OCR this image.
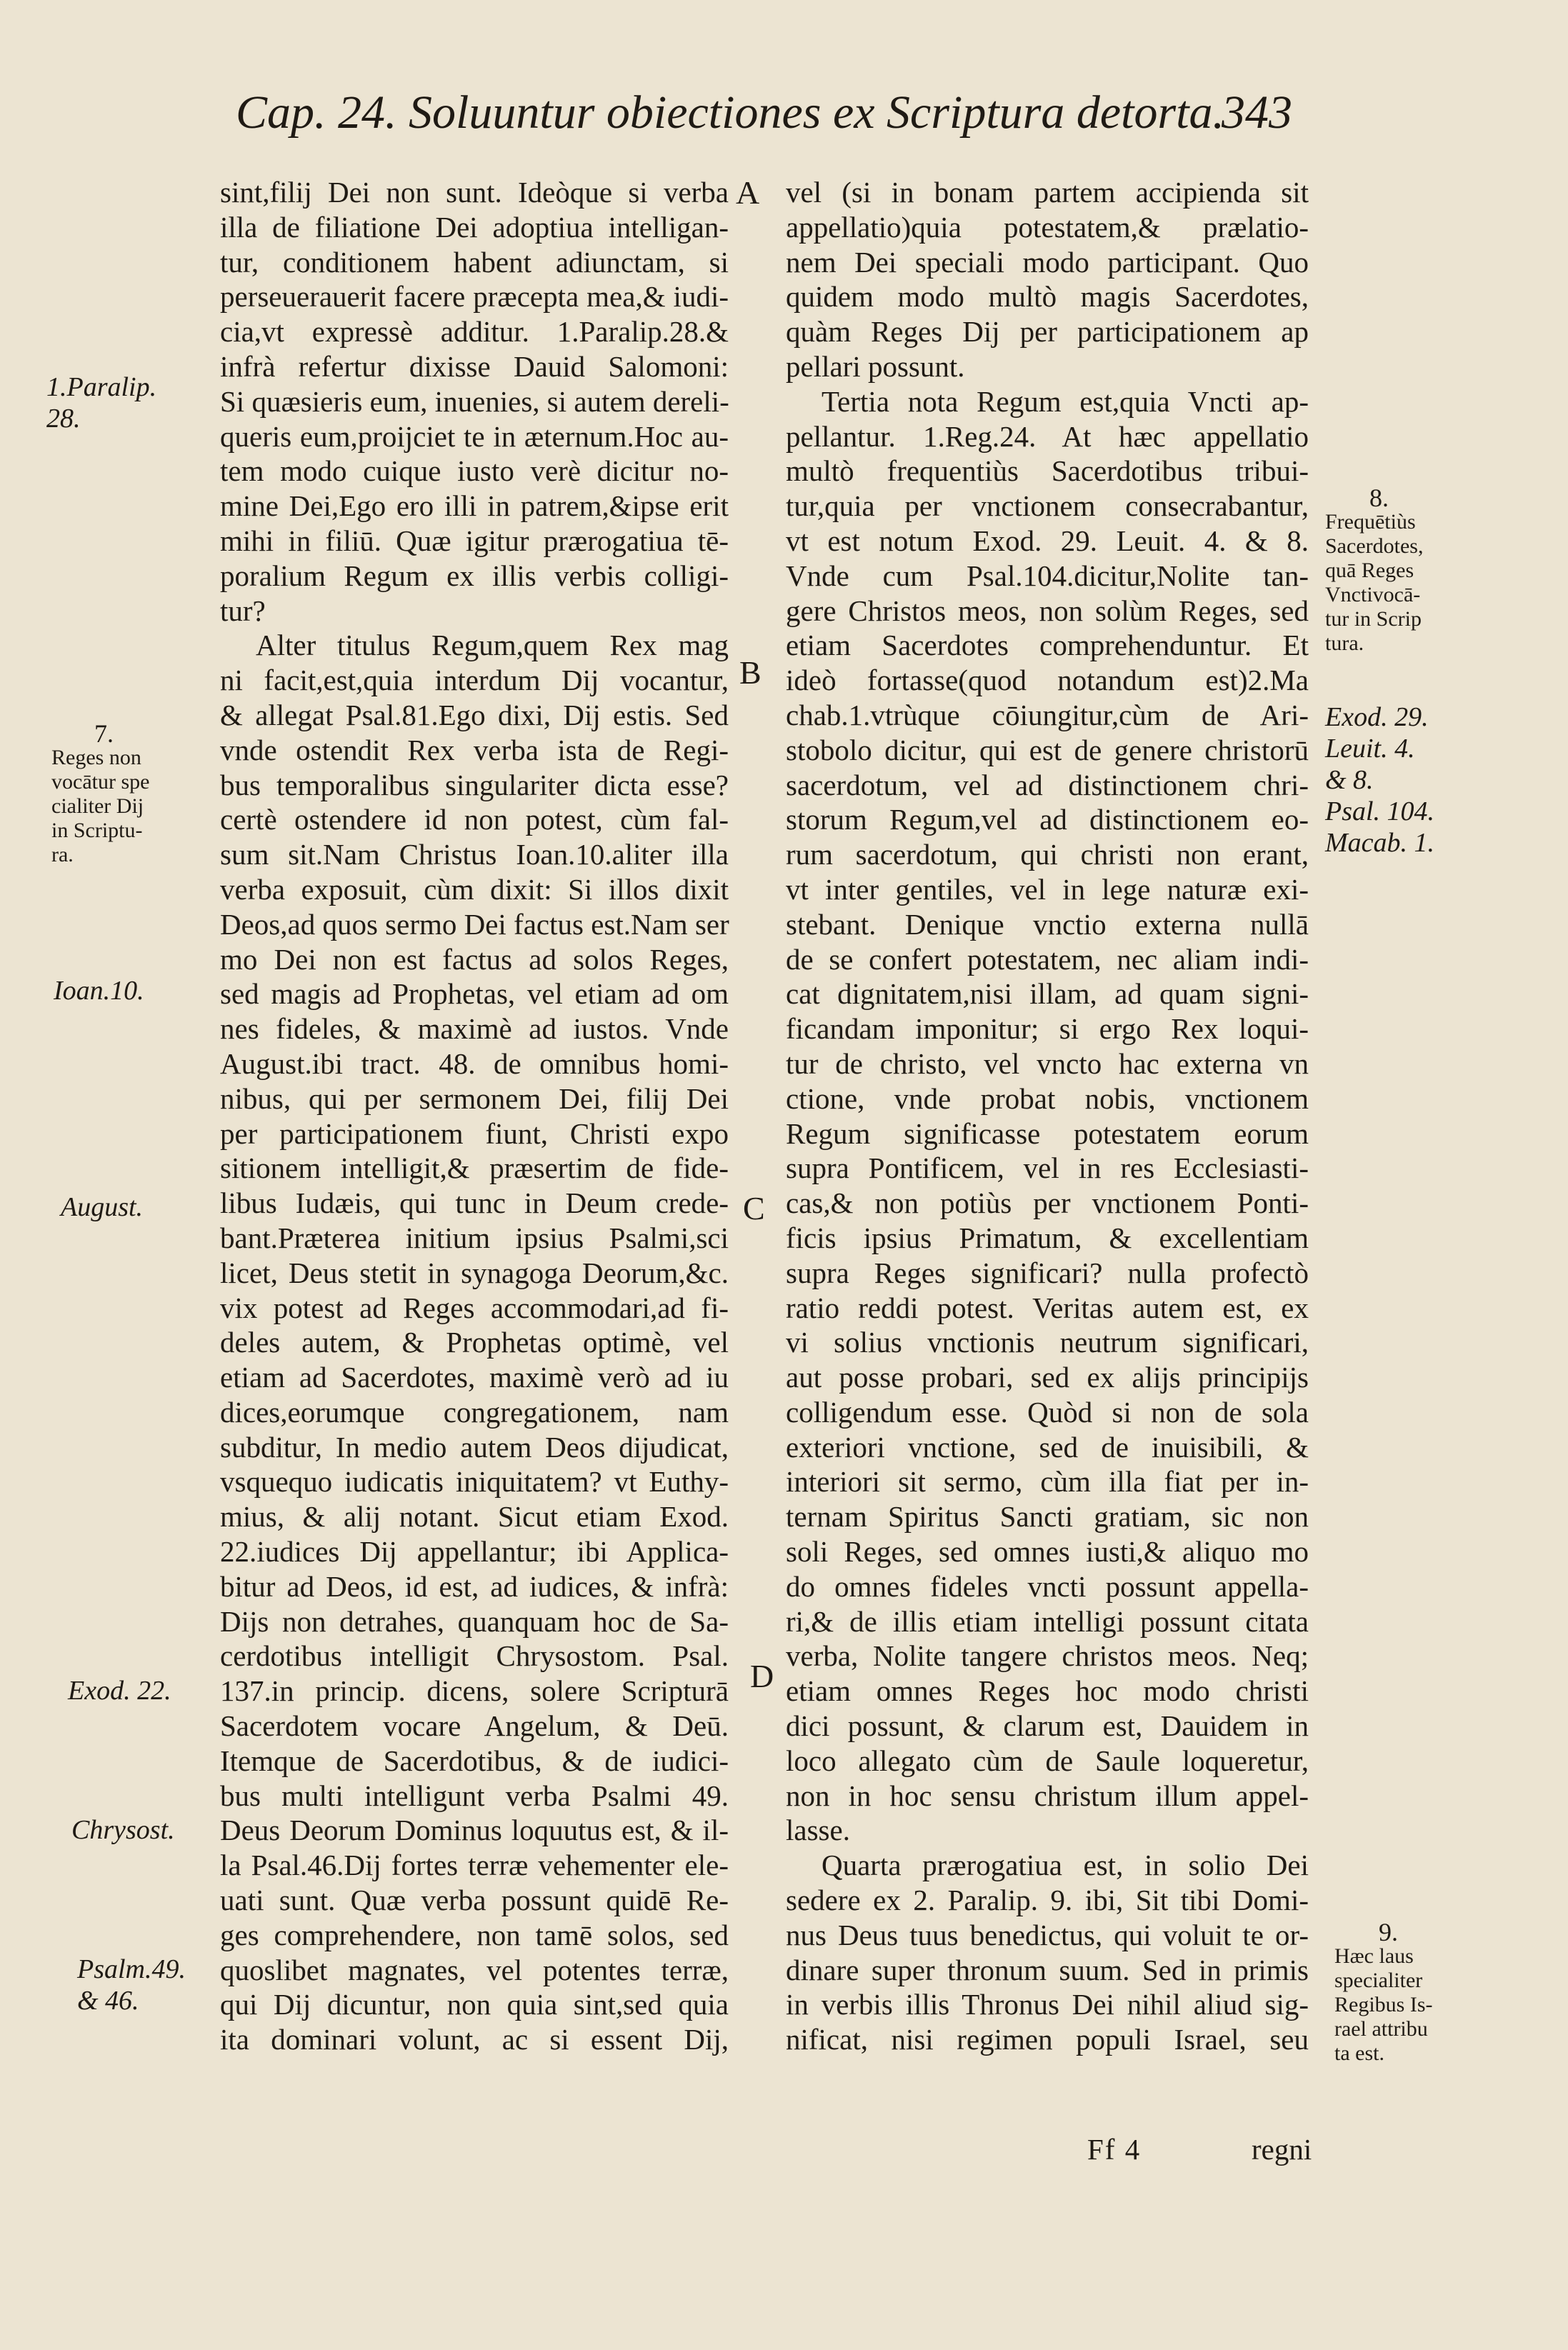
Cap. 24. Soluuntur obiectiones ex Scriptura detorta.
343
A
B
C
D
sint,filij Dei non sunt. Ideòque si verba
illa de filiatione Dei adoptiua intelligan-
tur, conditionem habent adiunctam, si
perseuerauerit facere præcepta mea,& iudi-
cia,vt expressè additur. 1.Paralip.28.&
infrà refertur dixisse Dauid Salomoni:
Si quæsieris eum, inuenies, si autem dereli-
queris eum,proijciet te in æternum.Hoc au-
tem modo cuique iusto verè dicitur no-
mine Dei,Ego ero illi in patrem,&ipse erit
mihi in filiū. Quæ igitur prærogatiua tē-
poralium Regum ex illis verbis colligi-
tur?
Alter titulus Regum,quem Rex mag
ni facit,est,quia interdum Dij vocantur,
& allegat Psal.81.Ego dixi, Dij estis. Sed
vnde ostendit Rex verba ista de Regi-
bus temporalibus singulariter dicta esse?
certè ostendere id non potest, cùm fal-
sum sit.Nam Christus Ioan.10.aliter illa
verba exposuit, cùm dixit: Si illos dixit
Deos,ad quos sermo Dei factus est.Nam ser
mo Dei non est factus ad solos Reges,
sed magis ad Prophetas, vel etiam ad om
nes fideles, & maximè ad iustos. Vnde
August.ibi tract. 48. de omnibus homi-
nibus, qui per sermonem Dei, filij Dei
per participationem fiunt, Christi expo
sitionem intelligit,& præsertim de fide-
libus Iudæis, qui tunc in Deum crede-
bant.Præterea initium ipsius Psalmi,sci
licet, Deus stetit in synagoga Deorum,&c.
vix potest ad Reges accommodari,ad fi-
deles autem, & Prophetas optimè, vel
etiam ad Sacerdotes, maximè verò ad iu
dices,eorumque congregationem, nam
subditur, In medio autem Deos dijudicat,
vsquequo iudicatis iniquitatem? vt Euthy-
mius, & alij notant. Sicut etiam Exod.
22.iudices Dij appellantur; ibi Applica-
bitur ad Deos, id est, ad iudices, & infrà:
Dijs non detrahes, quanquam hoc de Sa-
cerdotibus intelligit Chrysostom. Psal.
137.in princip. dicens, solere Scripturā
Sacerdotem vocare Angelum, & Deū.
Itemque de Sacerdotibus, & de iudici-
bus multi intelligunt verba Psalmi 49.
Deus Deorum Dominus loquutus est, & il-
la Psal.46.Dij fortes terræ vehementer ele-
uati sunt. Quæ verba possunt quidē Re-
ges comprehendere, non tamē solos, sed
quoslibet magnates, vel potentes terræ,
qui Dij dicuntur, non quia sint,sed quia
ita dominari volunt, ac si essent Dij,
vel (si in bonam partem accipienda sit
appellatio)quia potestatem,& prælatio-
nem Dei speciali modo participant. Quo
quidem modo multò magis Sacerdotes,
quàm Reges Dij per participationem ap
pellari possunt.
Tertia nota Regum est,quia Vncti ap-
pellantur. 1.Reg.24. At hæc appellatio
multò frequentiùs Sacerdotibus tribui-
tur,quia per vnctionem consecrabantur,
vt est notum Exod. 29. Leuit. 4. & 8.
Vnde cum Psal.104.dicitur,Nolite tan-
gere Christos meos, non solùm Reges, sed
etiam Sacerdotes comprehenduntur. Et
ideò fortasse(quod notandum est)2.Ma
chab.1.vtrùque cōiungitur,cùm de Ari-
stobolo dicitur, qui est de genere christorū
sacerdotum, vel ad distinctionem chri-
storum Regum,vel ad distinctionem eo-
rum sacerdotum, qui christi non erant,
vt inter gentiles, vel in lege naturæ exi-
stebant. Denique vnctio externa nullā
de se confert potestatem, nec aliam indi-
cat dignitatem,nisi illam, ad quam signi-
ficandam imponitur; si ergo Rex loqui-
tur de christo, vel vncto hac externa vn
ctione, vnde probat nobis, vnctionem
Regum significasse potestatem eorum
supra Pontificem, vel in res Ecclesiasti-
cas,& non potiùs per vnctionem Ponti-
ficis ipsius Primatum, & excellentiam
supra Reges significari? nulla profectò
ratio reddi potest. Veritas autem est, ex
vi solius vnctionis neutrum significari,
aut posse probari, sed ex alijs principijs
colligendum esse. Quòd si non de sola
exteriori vnctione, sed de inuisibili, &
interiori sit sermo, cùm illa fiat per in-
ternam Spiritus Sancti gratiam, sic non
soli Reges, sed omnes iusti,& aliquo mo
do omnes fideles vncti possunt appella-
ri,& de illis etiam intelligi possunt citata
verba, Nolite tangere christos meos. Neq;
etiam omnes Reges hoc modo christi
dici possunt, & clarum est, Dauidem in
loco allegato cùm de Saule loqueretur,
non in hoc sensu christum illum appel-
lasse.
Quarta prærogatiua est, in solio Dei
sedere ex 2. Paralip. 9. ibi, Sit tibi Domi-
nus Deus tuus benedictus, qui voluit te or-
dinare super thronum suum. Sed in primis
in verbis illis Thronus Dei nihil aliud sig-
nificat, nisi regimen populi Israel, seu
1.Paralip.
28.
7.
Reges non
vocātur spe
cialiter Dij
in Scriptu-
ra.
Ioan.10.
August.
Exod. 22.
Chrysost.
Psalm.49.
& 46.
8.
Frequētiùs
Sacerdotes,
quā Reges
Vnctivocā-
tur in Scrip
tura.
Exod. 29.
Leuit. 4.
& 8.
Psal. 104.
Macab. 1.
9.
Hæc laus
specialiter
Regibus Is-
rael attribu
ta est.
Ff 4	regni
